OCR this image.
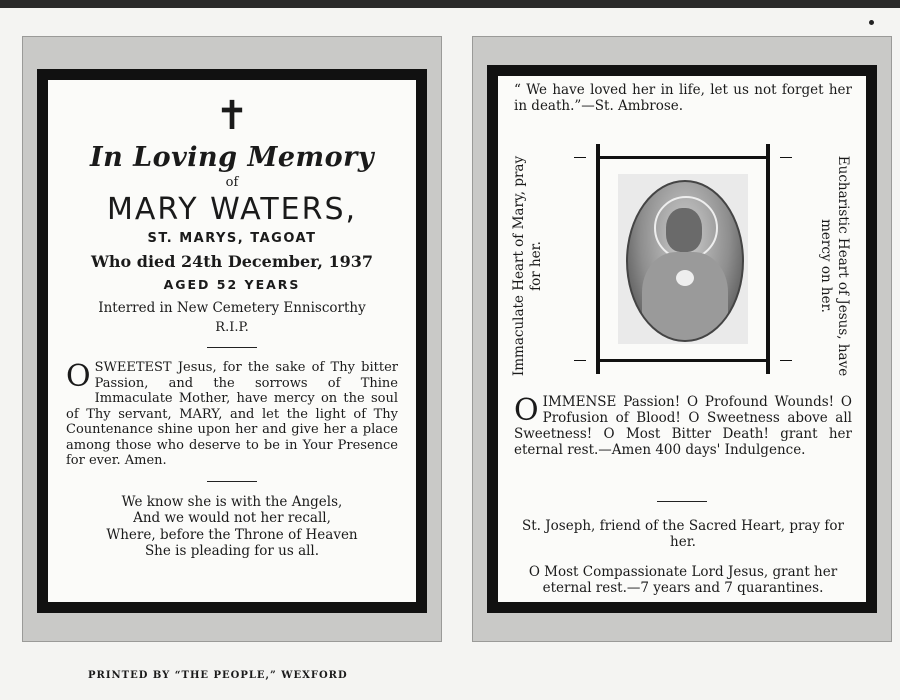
✝
In Loving Memory
of
MARY WATERS,
ST. MARYS, TAGOAT
Who died 24th December, 1937
AGED 52 YEARS
Interred in New Cemetery Enniscorthy
R.I.P.
O SWEETEST Jesus, for the sake of Thy bitter Passion, and the sorrows of Thine Immaculate Mother, have mercy on the soul of Thy servant, MARY, and let the light of Thy Countenance shine upon her and give her a place among those who deserve to be in Your Presence for ever. Amen.
We know she is with the Angels,
And we would not her recall,
Where, before the Throne of Heaven
She is pleading for us all.
“ We have loved her in life, let us not forget her in death.”—St. Ambrose.
Immaculate Heart of Mary, pray for her.	Eucharistic Heart of Jesus, have mercy on her.
O IMMENSE Passion! O Profound Wounds! O Profusion of Blood! O Sweetness above all Sweetness! O Most Bitter Death! grant her eternal rest.—Amen 400 days' Indulgence.
St. Joseph, friend of the Sacred Heart, pray for her.
O Most Compassionate Lord Jesus, grant her eternal rest.—7 years and 7 quarantines.
PRINTED BY “THE PEOPLE,” WEXFORD
